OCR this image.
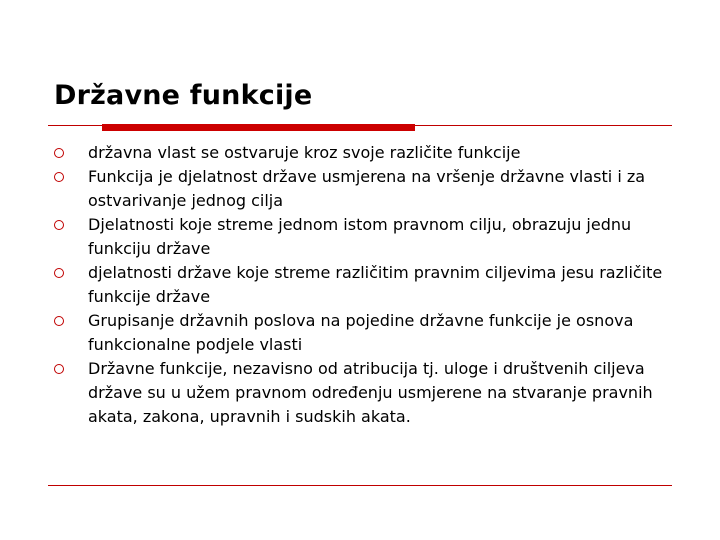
Državne funkcije
državna vlast se ostvaruje kroz svoje različite funkcije
Funkcija je djelatnost države usmjerena na vršenje državne vlasti i za ostvarivanje jednog cilja
Djelatnosti koje streme jednom istom pravnom cilju, obrazuju jednu funkciju države
djelatnosti države koje streme različitim pravnim ciljevima jesu različite funkcije države
Grupisanje državnih poslova na pojedine državne funkcije je osnova funkcionalne podjele vlasti
Državne funkcije, nezavisno od atribucija tj. uloge i društvenih ciljeva države su u užem pravnom određenju usmjerene na stvaranje pravnih akata, zakona, upravnih i sudskih akata.
